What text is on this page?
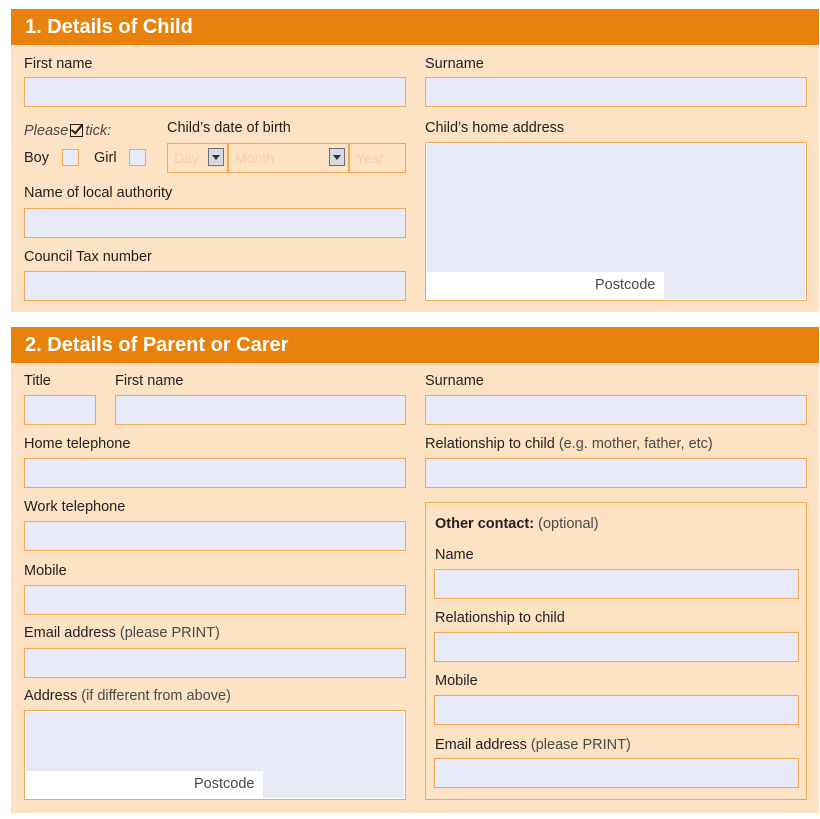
1. Details of Child
First name	Surname
Please tick:
Boy	Girl
Child’s date of birth
Day	Month	Year
Child’s home address
Postcode
Name of local authority
Council Tax number
2. Details of Parent or Carer
Title	First name	Surname
Home telephone	Relationship to child (e.g. mother, father, etc)
Work telephone
Mobile
Email address (please PRINT)
Address (if different from above)
Postcode
Other contact: (optional)
Name
Relationship to child
Mobile
Email address (please PRINT)
